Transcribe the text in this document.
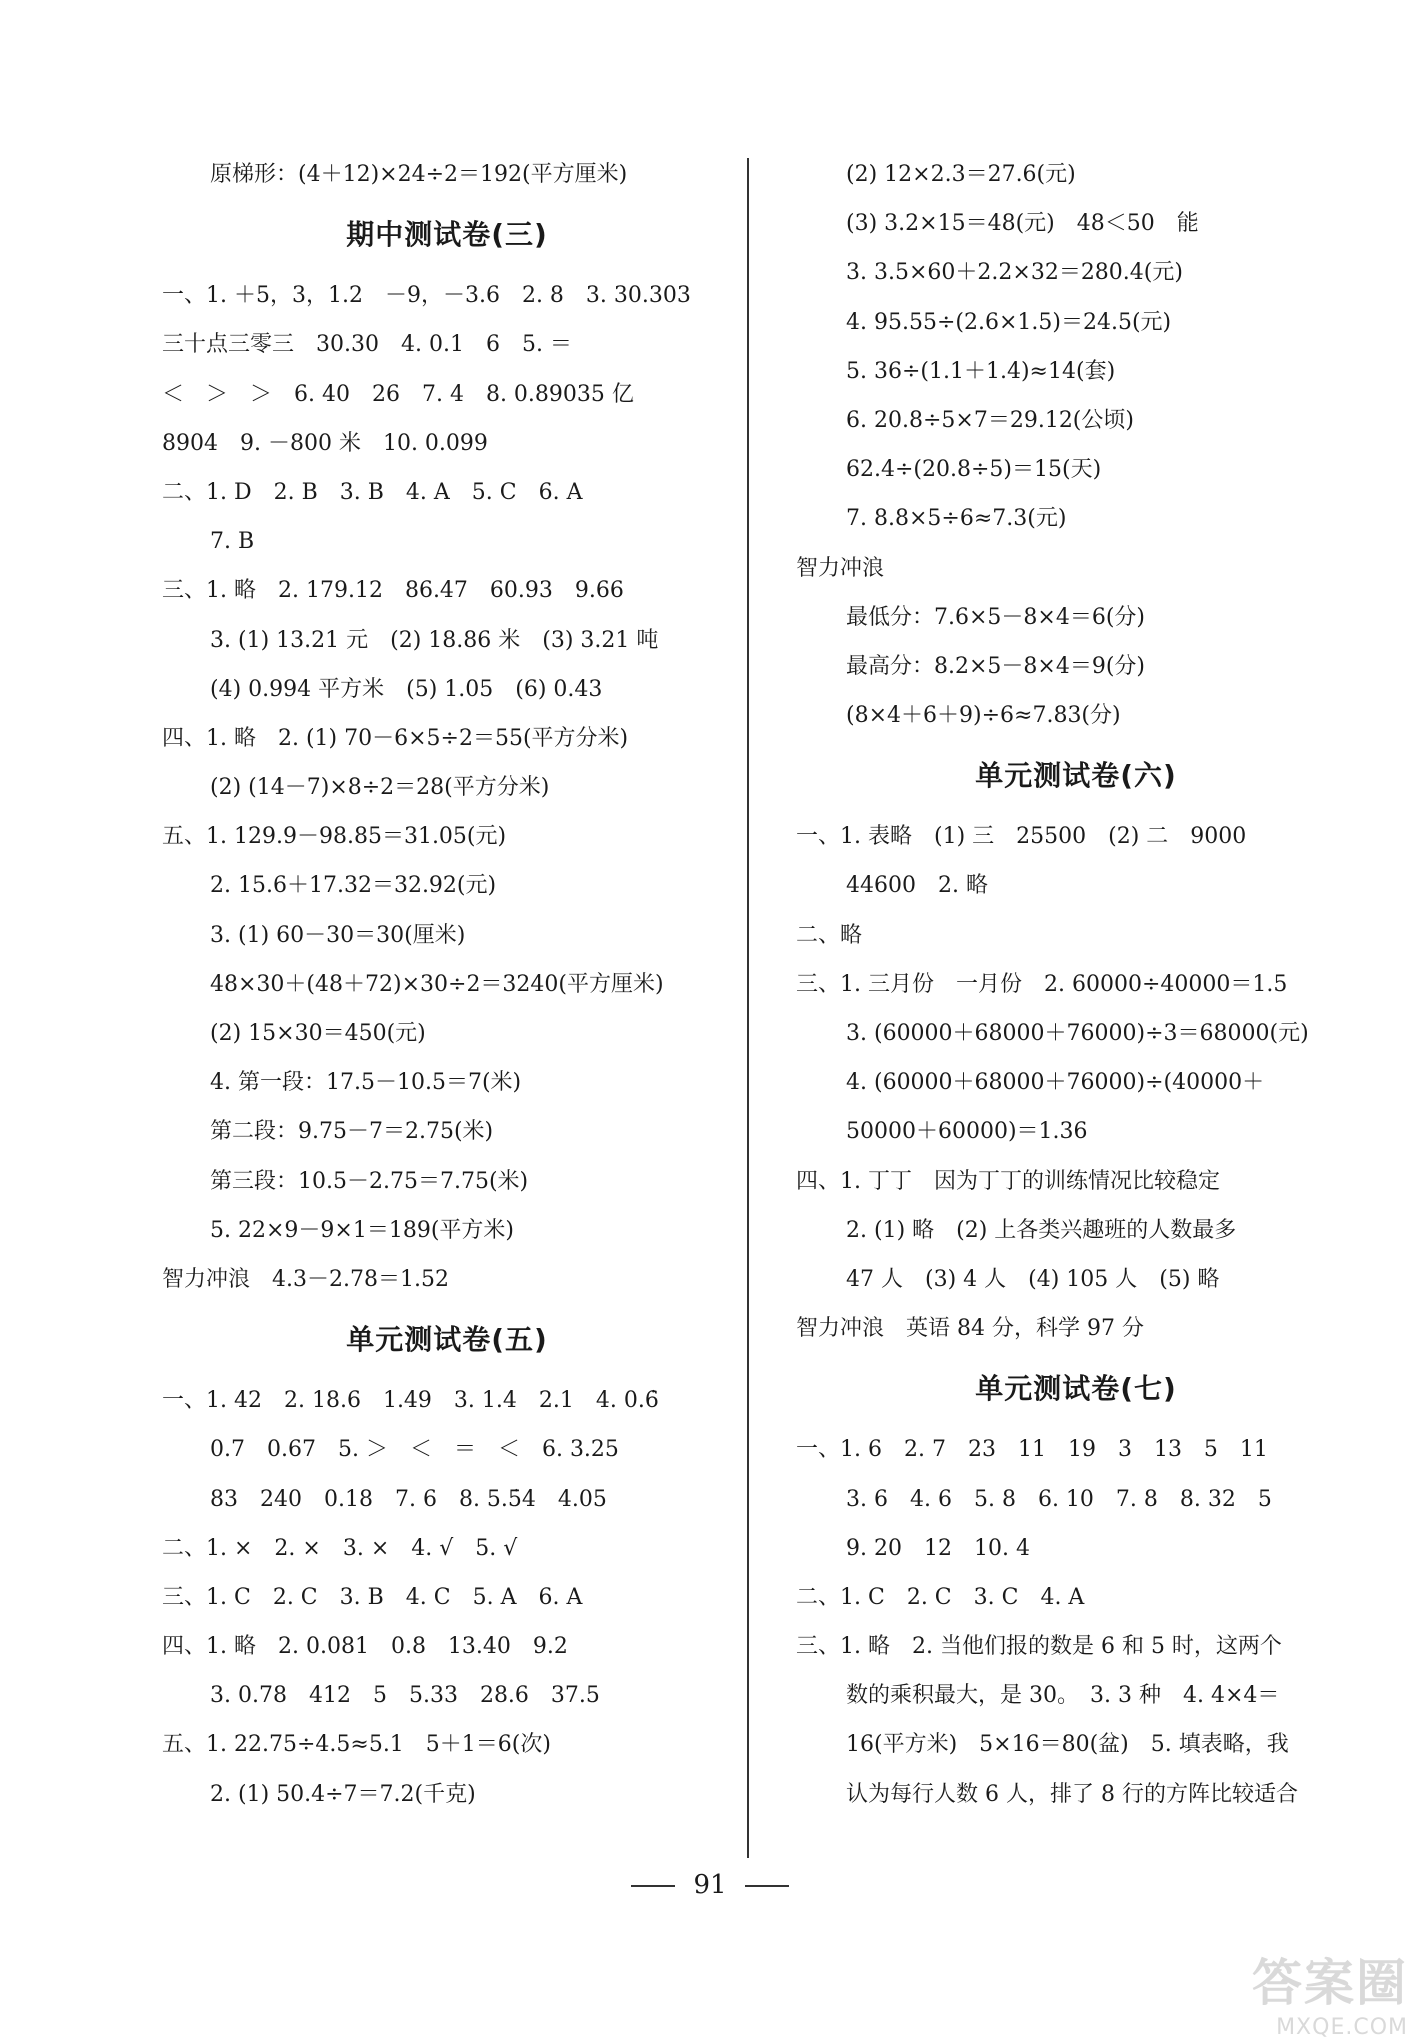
原梯形：(4＋12)×24÷2＝192(平方厘米)
期中测试卷(三)
一、1. ＋5，3，1.2　－9，－3.6　2. 8　3. 30.303
三十点三零三　30.30　4. 0.1　6　5. ＝
＜　＞　＞　6. 40　26　7. 4　8. 0.89035 亿
8904　9. －800 米　10. 0.099
二、1. D　2. B　3. B　4. A　5. C　6. A
7. B
三、1. 略　2. 179.12　86.47　60.93　9.66
3. (1) 13.21 元　(2) 18.86 米　(3) 3.21 吨
(4) 0.994 平方米　(5) 1.05　(6) 0.43
四、1. 略　2. (1) 70－6×5÷2＝55(平方分米)
(2) (14－7)×8÷2＝28(平方分米)
五、1. 129.9－98.85＝31.05(元)
2. 15.6＋17.32＝32.92(元)
3. (1) 60－30＝30(厘米)
48×30＋(48＋72)×30÷2＝3240(平方厘米)
(2) 15×30＝450(元)
4. 第一段：17.5－10.5＝7(米)
第二段：9.75－7＝2.75(米)
第三段：10.5－2.75＝7.75(米)
5. 22×9－9×1＝189(平方米)
智力冲浪　4.3－2.78＝1.52
单元测试卷(五)
一、1. 42　2. 18.6　1.49　3. 1.4　2.1　4. 0.6̇
0.7　0.67　5. ＞　＜　＝　＜　6. 3.25
83　240　0.18　7. 6　8. 5.5̇4̇　4.05
二、1. ×　2. ×　3. ×　4. √　5. √
三、1. C　2. C　3. B　4. C　5. A　6. A
四、1. 略　2. 0.081　0.8　13.40　9.2
3. 0.78　412　5　5.33　28.6　37.5
五、1. 22.75÷4.5≈5.1　5＋1＝6(次)
2. (1) 50.4÷7＝7.2(千克)
(2) 12×2.3＝27.6(元)
(3) 3.2×15＝48(元)　48＜50　能
3. 3.5×60＋2.2×32＝280.4(元)
4. 95.55÷(2.6×1.5)＝24.5(元)
5. 36÷(1.1＋1.4)≈14(套)
6. 20.8÷5×7＝29.12(公顷)
62.4÷(20.8÷5)＝15(天)
7. 8.8×5÷6≈7.3(元)
智力冲浪
最低分：7.6×5－8×4＝6(分)
最高分：8.2×5－8×4＝9(分)
(8×4＋6＋9)÷6≈7.83(分)
单元测试卷(六)
一、1. 表略　(1) 三　25500　(2) 二　9000
44600　2. 略
二、略
三、1. 三月份　一月份　2. 60000÷40000＝1.5
3. (60000＋68000＋76000)÷3＝68000(元)
4. (60000＋68000＋76000)÷(40000＋
50000＋60000)＝1.36
四、1. 丁丁　因为丁丁的训练情况比较稳定
2. (1) 略　(2) 上各类兴趣班的人数最多
47 人　(3) 4 人　(4) 105 人　(5) 略
智力冲浪　英语 84 分，科学 97 分
单元测试卷(七)
一、1. 6　2. 7　23　11　19　3　13　5　11
3. 6　4. 6　5. 8　6. 10　7. 8　8. 32　5
9. 20　12　10. 4
二、1. C　2. C　3. C　4. A
三、1. 略　2. 当他们报的数是 6 和 5 时，这两个
数的乘积最大，是 30。　3. 3 种　4. 4×4＝
16(平方米)　5×16＝80(盆)　5. 填表略，我
认为每行人数 6 人，排了 8 行的方阵比较适合
91
答案圈
MXQE.COM
